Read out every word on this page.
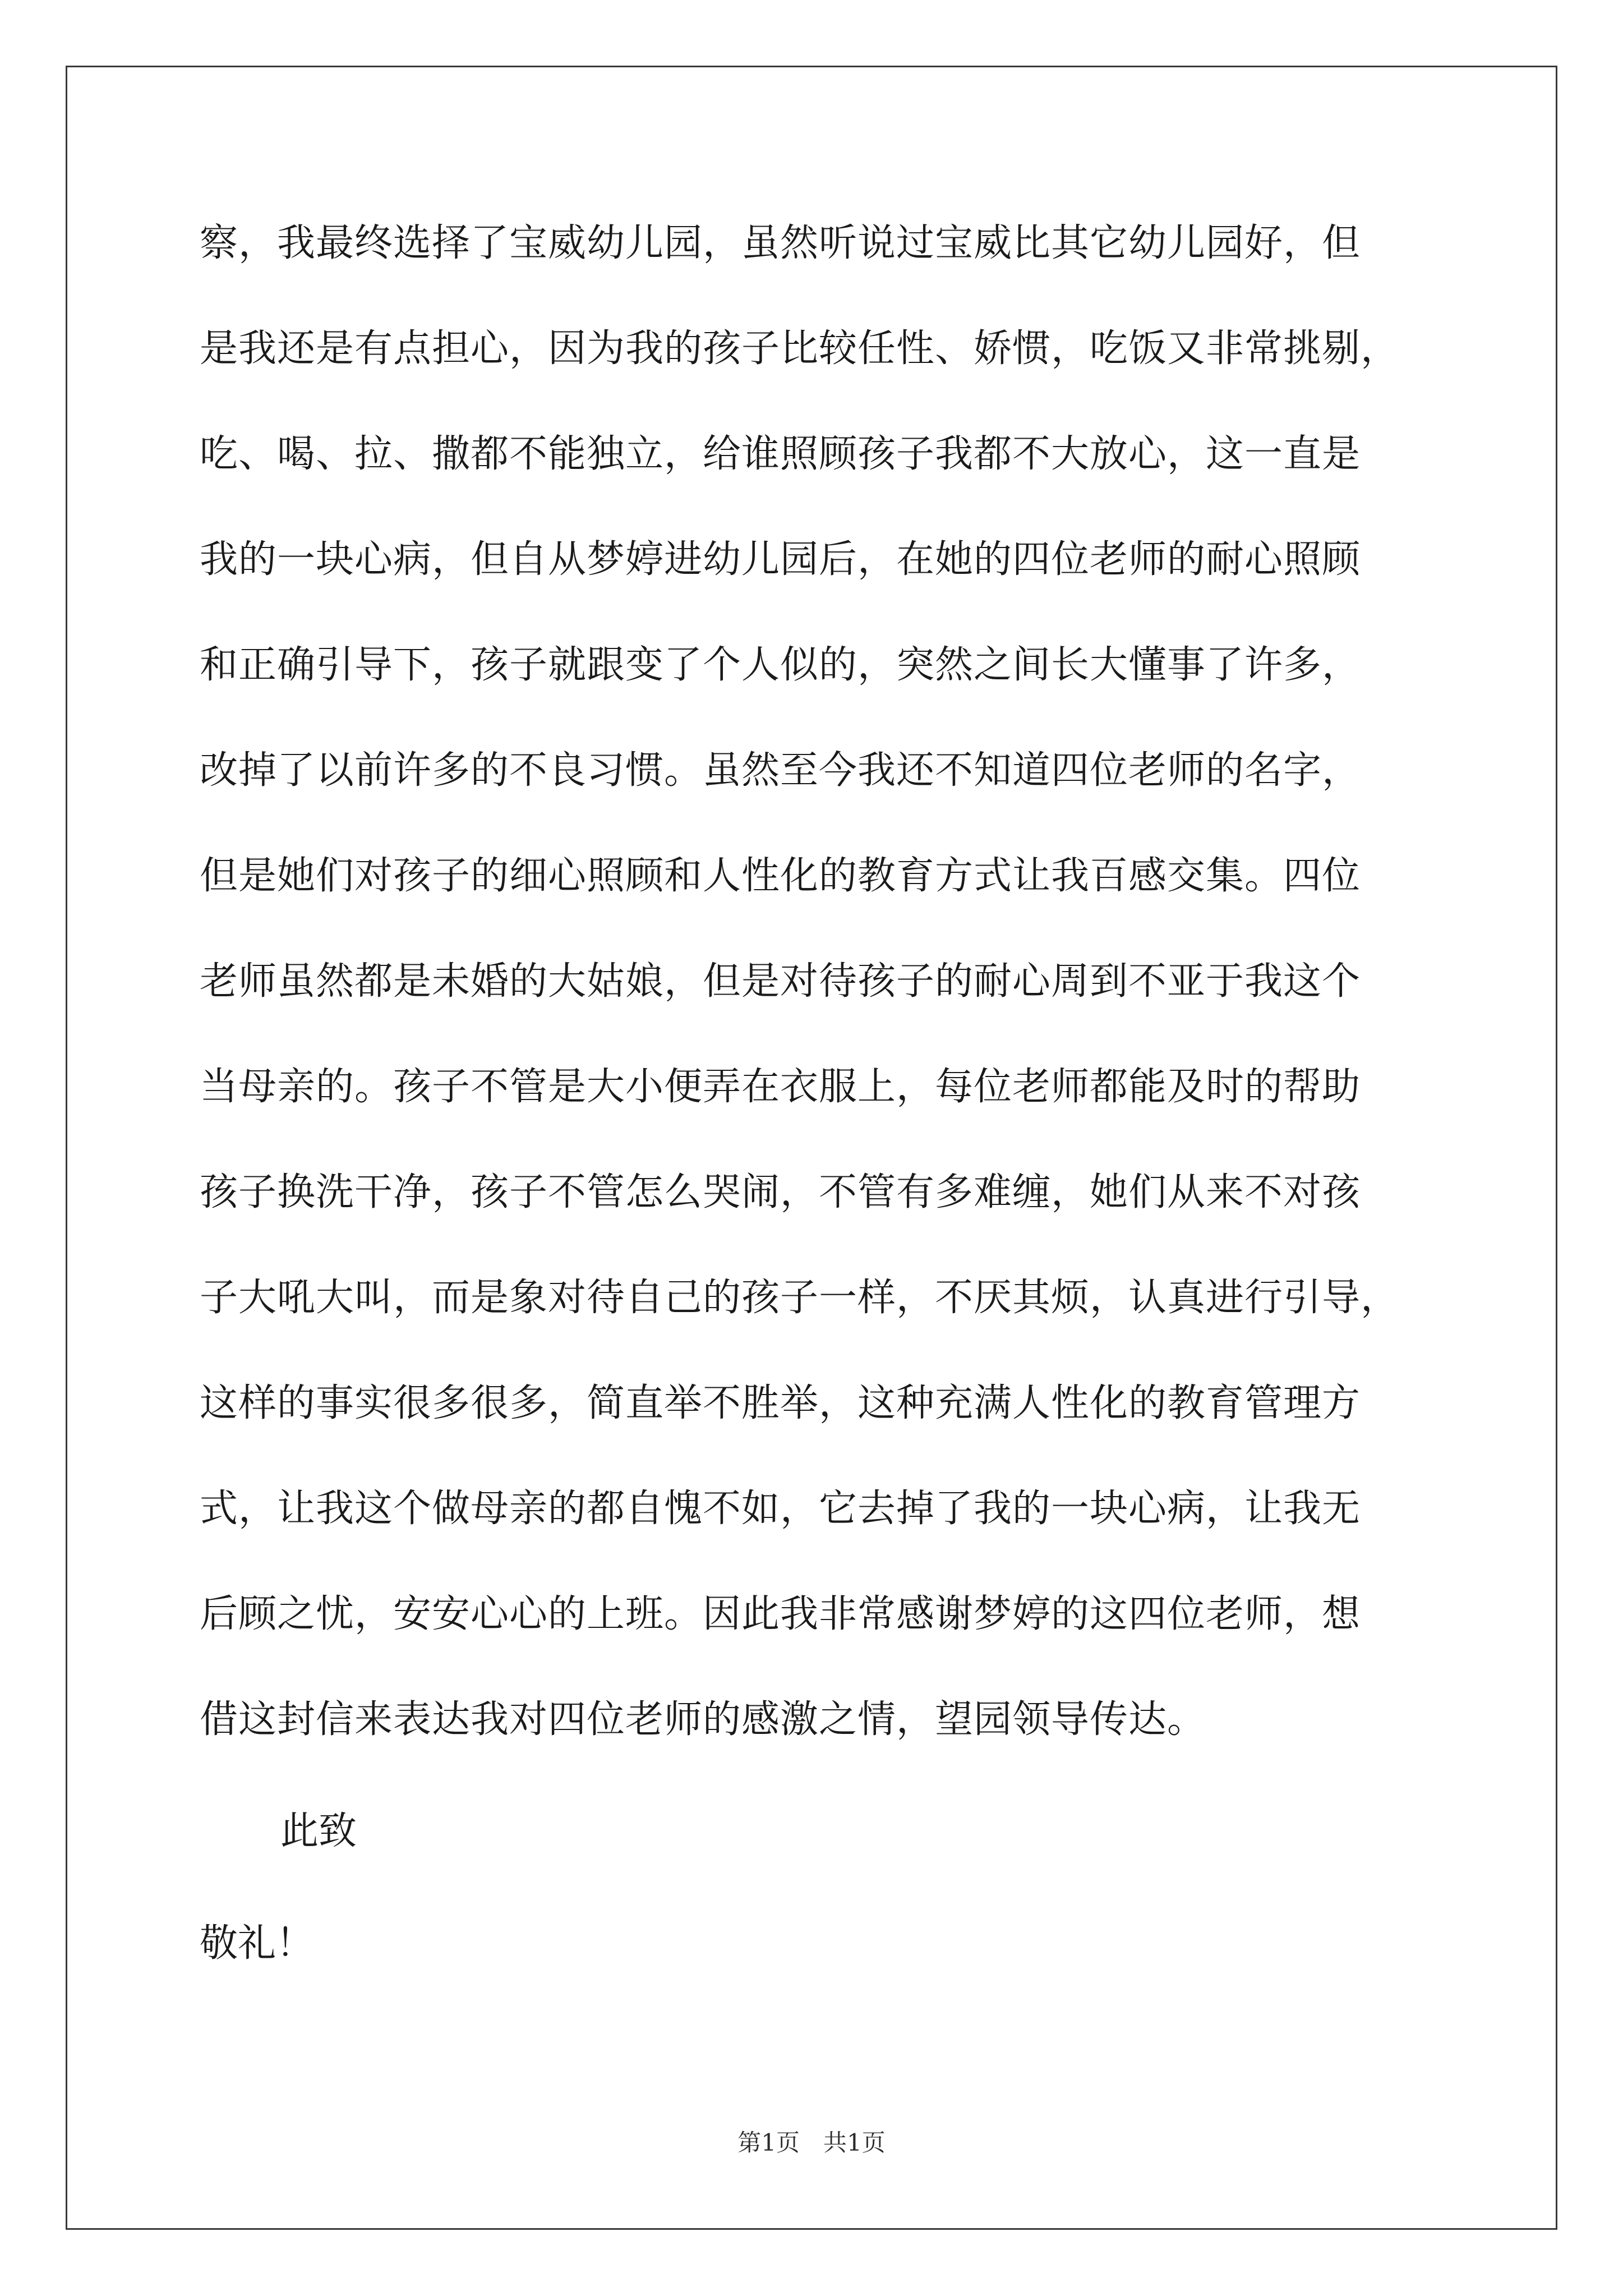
察，我最终选择了宝威幼儿园，虽然听说过宝威比其它幼儿园好，但
是我还是有点担心，因为我的孩子比较任性、娇惯，吃饭又非常挑剔，
吃、喝、拉、撒都不能独立，给谁照顾孩子我都不大放心，这一直是
我的一块心病，但自从梦婷进幼儿园后，在她的四位老师的耐心照顾
和正确引导下，孩子就跟变了个人似的，突然之间长大懂事了许多，
改掉了以前许多的不良习惯。虽然至今我还不知道四位老师的名字，
但是她们对孩子的细心照顾和人性化的教育方式让我百感交集。四位
老师虽然都是未婚的大姑娘，但是对待孩子的耐心周到不亚于我这个
当母亲的。孩子不管是大小便弄在衣服上，每位老师都能及时的帮助
孩子换洗干净，孩子不管怎么哭闹，不管有多难缠，她们从来不对孩
子大吼大叫，而是象对待自己的孩子一样，不厌其烦，认真进行引导，
这样的事实很多很多，简直举不胜举，这种充满人性化的教育管理方
式，让我这个做母亲的都自愧不如，它去掉了我的一块心病，让我无
后顾之忧，安安心心的上班。因此我非常感谢梦婷的这四位老师，想
借这封信来表达我对四位老师的感激之情，望园领导传达。
此致
敬礼！
第1页　共1页
